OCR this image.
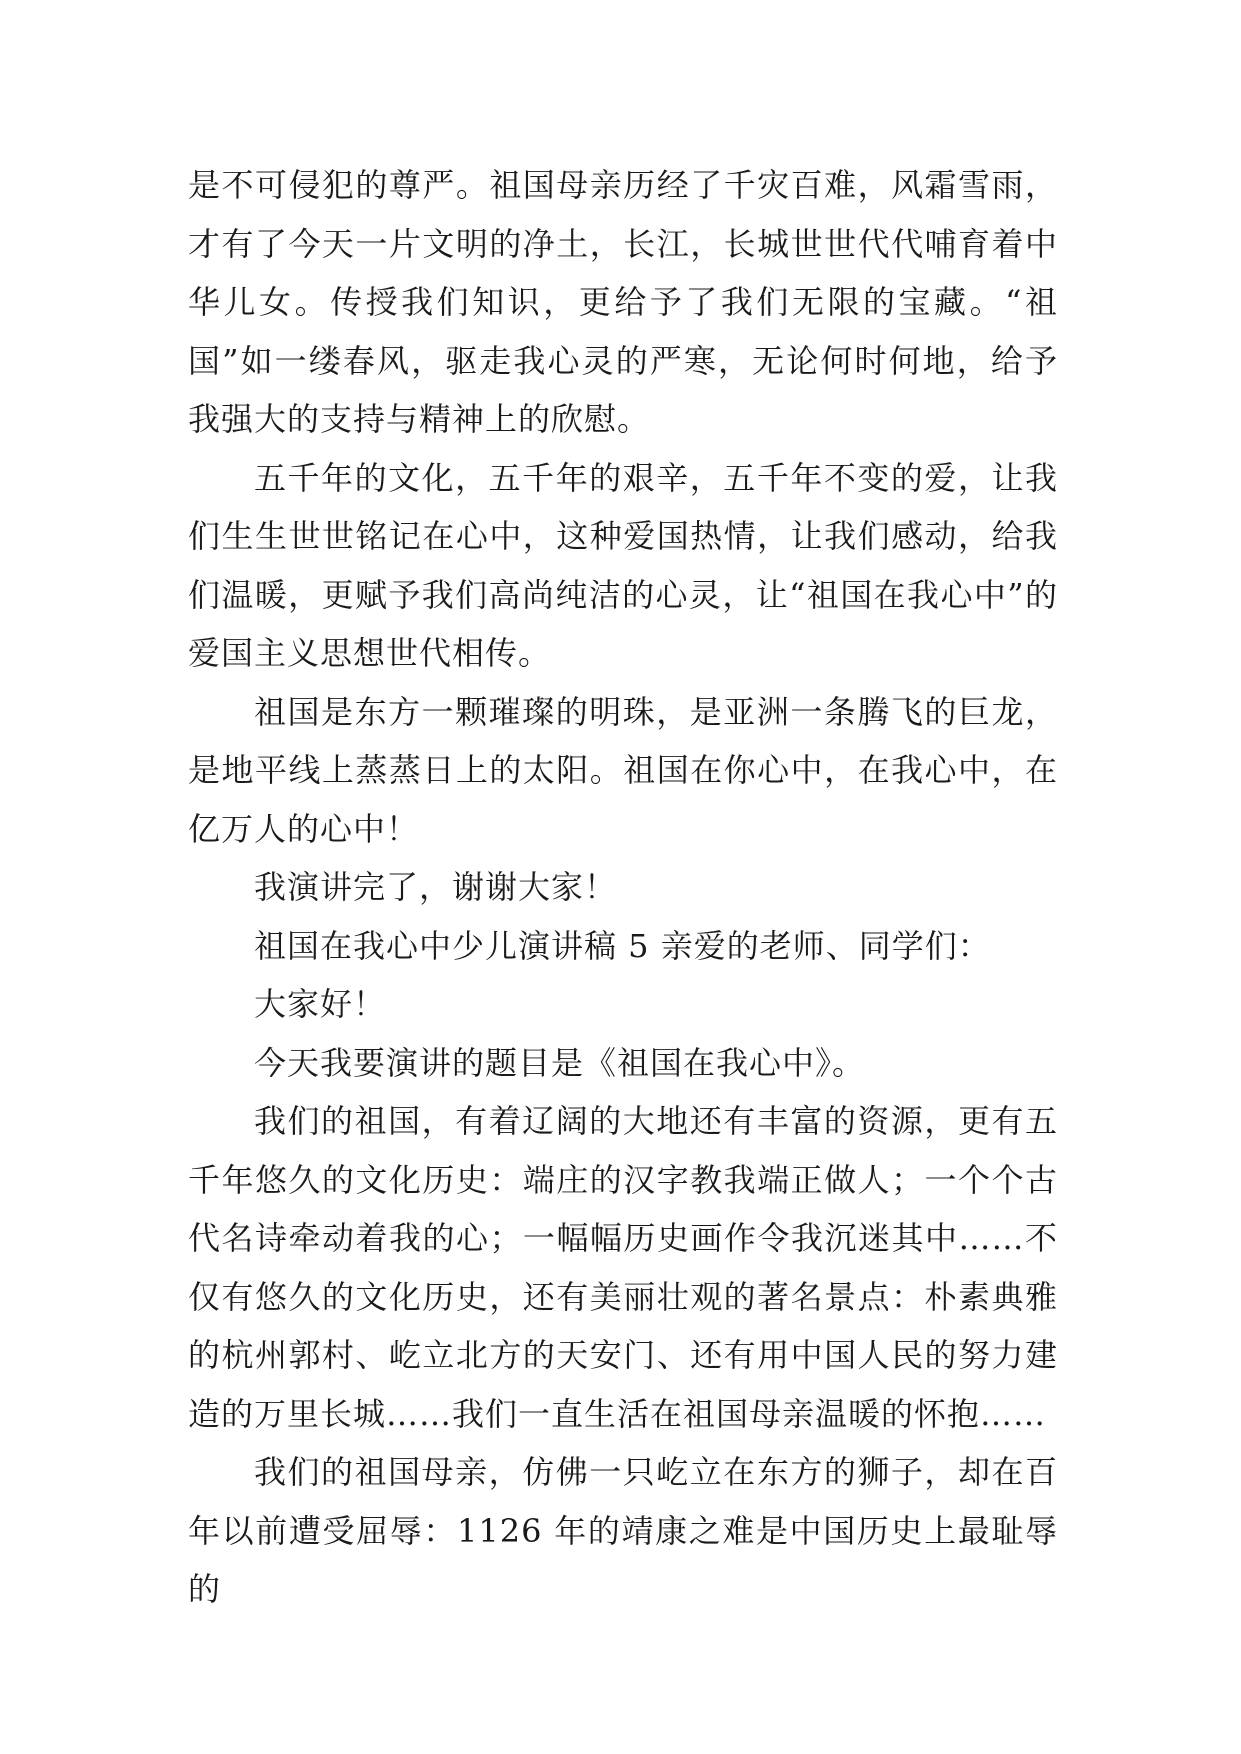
是不可侵犯的尊严。祖国母亲历经了千灾百难，风霜雪雨，才有了今天一片文明的净土，长江，长城世世代代哺育着中华儿女。传授我们知识，更给予了我们无限的宝藏。“祖国”如一缕春风，驱走我心灵的严寒，无论何时何地，给予我强大的支持与精神上的欣慰。

五千年的文化，五千年的艰辛，五千年不变的爱，让我们生生世世铭记在心中，这种爱国热情，让我们感动，给我们温暖，更赋予我们高尚纯洁的心灵，让“祖国在我心中”的爱国主义思想世代相传。

祖国是东方一颗璀璨的明珠，是亚洲一条腾飞的巨龙，是地平线上蒸蒸日上的太阳。祖国在你心中，在我心中，在亿万人的心中！

我演讲完了，谢谢大家！

祖国在我心中少儿演讲稿 5 亲爱的老师、同学们：

大家好！

今天我要演讲的题目是《祖国在我心中》。

我们的祖国，有着辽阔的大地还有丰富的资源，更有五千年悠久的文化历史：端庄的汉字教我端正做人；一个个古代名诗牵动着我的心；一幅幅历史画作令我沉迷其中……不仅有悠久的文化历史，还有美丽壮观的著名景点：朴素典雅的杭州郭村、屹立北方的天安门、还有用中国人民的努力建造的万里长城……我们一直生活在祖国母亲温暖的怀抱……

我们的祖国母亲，仿佛一只屹立在东方的狮子，却在百年以前遭受屈辱：1126 年的靖康之难是中国历史上最耻辱的
